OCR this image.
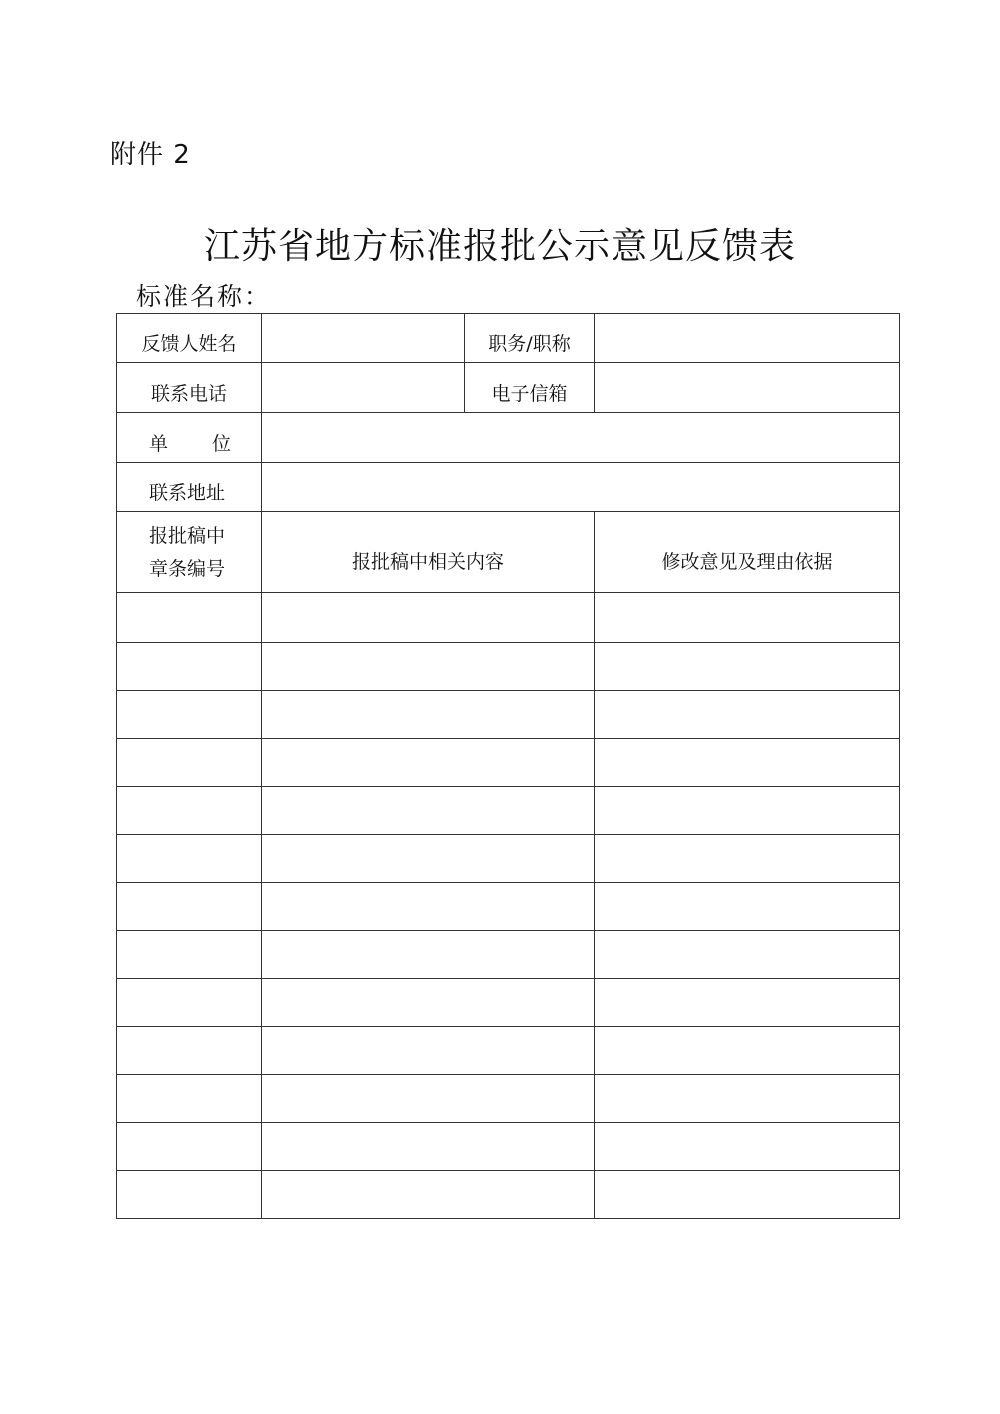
附件 2
江苏省地方标准报批公示意见反馈表
标准名称：
反馈人姓名		职务/职称	
联系电话		电子信箱	

单 位			

联系地址			

报批稿中
章条编号	报批稿中相关内容		修改意见及理由依据
